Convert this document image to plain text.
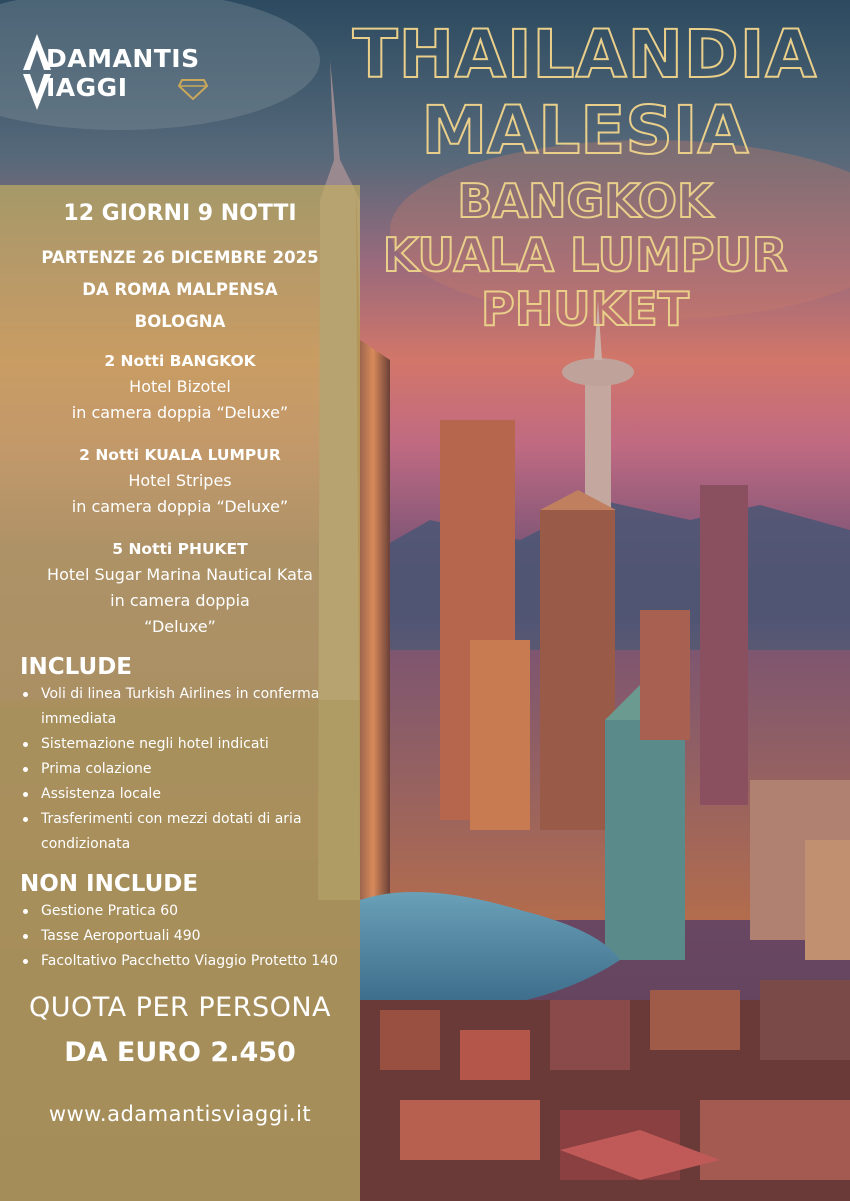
DAMANTIS
IAGGI	THAILANDIA
MALESIA
BANGKOK
KUALA LUMPUR
PHUKET
12 GIORNI 9 NOTTI
PARTENZE 26 DICEMBRE 2025
DA ROMA MALPENSA
BOLOGNA
2 Notti BANGKOK
Hotel Bizotel
in camera doppia “Deluxe”
2 Notti KUALA LUMPUR
Hotel Stripes
in camera doppia “Deluxe”
5 Notti PHUKET
Hotel Sugar Marina Nautical Kata
in camera doppia
“Deluxe”
INCLUDE
Voli di linea Turkish Airlines in conferma immediata
Sistemazione negli hotel indicati
Prima colazione
Assistenza locale
Trasferimenti con mezzi dotati di aria condizionata
NON INCLUDE
Gestione Pratica 60
Tasse Aeroportuali 490
Facoltativo Pacchetto Viaggio Protetto 140
QUOTA PER PERSONA
DA EURO 2.450
www.adamantisviaggi.it
